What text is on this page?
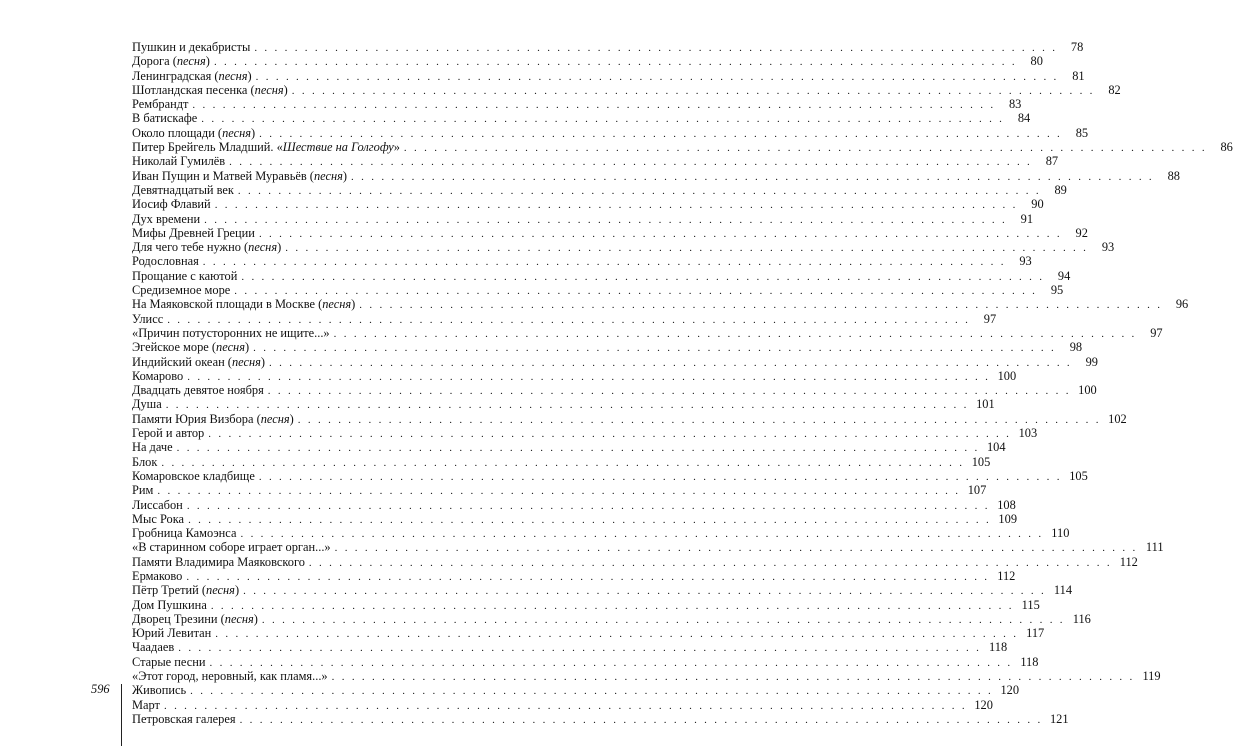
Пушкин и декабристы . . . . . . . . . . . . . . . . . . . . . . . . . . . . . . . . . . . . . . . . . . . . . . . . . . . . . . . . . . . . . . . . . . . . . . . . . . . . . . . .	78
Дорога (песня) . . . . . . . . . . . . . . . . . . . . . . . . . . . . . . . . . . . . . . . . . . . . . . . . . . . . . . . . . . . . . . . . . . . . . . . . . . . . . . . .	80
Ленинградская (песня) . . . . . . . . . . . . . . . . . . . . . . . . . . . . . . . . . . . . . . . . . . . . . . . . . . . . . . . . . . . . . . . . . . . . . . . . . . . . . . . .	81
Шотландская песенка (песня) . . . . . . . . . . . . . . . . . . . . . . . . . . . . . . . . . . . . . . . . . . . . . . . . . . . . . . . . . . . . . . . . . . . . . . . . . . . . . . . .	82
Рембрандт . . . . . . . . . . . . . . . . . . . . . . . . . . . . . . . . . . . . . . . . . . . . . . . . . . . . . . . . . . . . . . . . . . . . . . . . . . . . . . . .	83
В батискафе . . . . . . . . . . . . . . . . . . . . . . . . . . . . . . . . . . . . . . . . . . . . . . . . . . . . . . . . . . . . . . . . . . . . . . . . . . . . . . . .	84
Около площади (песня) . . . . . . . . . . . . . . . . . . . . . . . . . . . . . . . . . . . . . . . . . . . . . . . . . . . . . . . . . . . . . . . . . . . . . . . . . . . . . . . .	85
Питер Брейгель Младший. «Шествие на Голгофу» . . . . . . . . . . . . . . . . . . . . . . . . . . . . . . . . . . . . . . . . . . . . . . . . . . . . . . . . . . . . . . . . . . . . . . . . . . . . . . . .	86
Николай Гумилёв . . . . . . . . . . . . . . . . . . . . . . . . . . . . . . . . . . . . . . . . . . . . . . . . . . . . . . . . . . . . . . . . . . . . . . . . . . . . . . . .	87
Иван Пущин и Матвей Муравьёв (песня) . . . . . . . . . . . . . . . . . . . . . . . . . . . . . . . . . . . . . . . . . . . . . . . . . . . . . . . . . . . . . . . . . . . . . . . . . . . . . . . .	88
Девятнадцатый век . . . . . . . . . . . . . . . . . . . . . . . . . . . . . . . . . . . . . . . . . . . . . . . . . . . . . . . . . . . . . . . . . . . . . . . . . . . . . . . .	89
Иосиф Флавий . . . . . . . . . . . . . . . . . . . . . . . . . . . . . . . . . . . . . . . . . . . . . . . . . . . . . . . . . . . . . . . . . . . . . . . . . . . . . . . .	90
Дух времени . . . . . . . . . . . . . . . . . . . . . . . . . . . . . . . . . . . . . . . . . . . . . . . . . . . . . . . . . . . . . . . . . . . . . . . . . . . . . . . .	91
Мифы Древней Греции . . . . . . . . . . . . . . . . . . . . . . . . . . . . . . . . . . . . . . . . . . . . . . . . . . . . . . . . . . . . . . . . . . . . . . . . . . . . . . . .	92
Для чего тебе нужно (песня) . . . . . . . . . . . . . . . . . . . . . . . . . . . . . . . . . . . . . . . . . . . . . . . . . . . . . . . . . . . . . . . . . . . . . . . . . . . . . . . .	93
Родословная . . . . . . . . . . . . . . . . . . . . . . . . . . . . . . . . . . . . . . . . . . . . . . . . . . . . . . . . . . . . . . . . . . . . . . . . . . . . . . . .	93
Прощание с каютой . . . . . . . . . . . . . . . . . . . . . . . . . . . . . . . . . . . . . . . . . . . . . . . . . . . . . . . . . . . . . . . . . . . . . . . . . . . . . . . .	94
Средиземное море . . . . . . . . . . . . . . . . . . . . . . . . . . . . . . . . . . . . . . . . . . . . . . . . . . . . . . . . . . . . . . . . . . . . . . . . . . . . . . . .	95
На Маяковской площади в Москве (песня) . . . . . . . . . . . . . . . . . . . . . . . . . . . . . . . . . . . . . . . . . . . . . . . . . . . . . . . . . . . . . . . . . . . . . . . . . . . . . . . .	96
Улисс . . . . . . . . . . . . . . . . . . . . . . . . . . . . . . . . . . . . . . . . . . . . . . . . . . . . . . . . . . . . . . . . . . . . . . . . . . . . . . . .	97
«Причин потусторонних не ищите...» . . . . . . . . . . . . . . . . . . . . . . . . . . . . . . . . . . . . . . . . . . . . . . . . . . . . . . . . . . . . . . . . . . . . . . . . . . . . . . . .	97
Эгейское море (песня) . . . . . . . . . . . . . . . . . . . . . . . . . . . . . . . . . . . . . . . . . . . . . . . . . . . . . . . . . . . . . . . . . . . . . . . . . . . . . . . .	98
Индийский океан (песня) . . . . . . . . . . . . . . . . . . . . . . . . . . . . . . . . . . . . . . . . . . . . . . . . . . . . . . . . . . . . . . . . . . . . . . . . . . . . . . . .	99
Комарово . . . . . . . . . . . . . . . . . . . . . . . . . . . . . . . . . . . . . . . . . . . . . . . . . . . . . . . . . . . . . . . . . . . . . . . . . . . . . . . . 100
Двадцать девятое ноября . . . . . . . . . . . . . . . . . . . . . . . . . . . . . . . . . . . . . . . . . . . . . . . . . . . . . . . . . . . . . . . . . . . . . . . . . . . . . . . . 100
Душа . . . . . . . . . . . . . . . . . . . . . . . . . . . . . . . . . . . . . . . . . . . . . . . . . . . . . . . . . . . . . . . . . . . . . . . . . . . . . . . . 101
Памяти Юрия Визбора (песня) . . . . . . . . . . . . . . . . . . . . . . . . . . . . . . . . . . . . . . . . . . . . . . . . . . . . . . . . . . . . . . . . . . . . . . . . . . . . . . . . 102
Герой и автор . . . . . . . . . . . . . . . . . . . . . . . . . . . . . . . . . . . . . . . . . . . . . . . . . . . . . . . . . . . . . . . . . . . . . . . . . . . . . . . . 103
На даче . . . . . . . . . . . . . . . . . . . . . . . . . . . . . . . . . . . . . . . . . . . . . . . . . . . . . . . . . . . . . . . . . . . . . . . . . . . . . . . . 104
Блок . . . . . . . . . . . . . . . . . . . . . . . . . . . . . . . . . . . . . . . . . . . . . . . . . . . . . . . . . . . . . . . . . . . . . . . . . . . . . . . . 105
Комаровское кладбище . . . . . . . . . . . . . . . . . . . . . . . . . . . . . . . . . . . . . . . . . . . . . . . . . . . . . . . . . . . . . . . . . . . . . . . . . . . . . . . . 105
Рим . . . . . . . . . . . . . . . . . . . . . . . . . . . . . . . . . . . . . . . . . . . . . . . . . . . . . . . . . . . . . . . . . . . . . . . . . . . . . . . . 107
Лиссабон . . . . . . . . . . . . . . . . . . . . . . . . . . . . . . . . . . . . . . . . . . . . . . . . . . . . . . . . . . . . . . . . . . . . . . . . . . . . . . . . 108
Мыс Рока . . . . . . . . . . . . . . . . . . . . . . . . . . . . . . . . . . . . . . . . . . . . . . . . . . . . . . . . . . . . . . . . . . . . . . . . . . . . . . . . 109
Гробница Камоэнса . . . . . . . . . . . . . . . . . . . . . . . . . . . . . . . . . . . . . . . . . . . . . . . . . . . . . . . . . . . . . . . . . . . . . . . . . . . . . . . . 110
«В старинном соборе играет орган...» . . . . . . . . . . . . . . . . . . . . . . . . . . . . . . . . . . . . . . . . . . . . . . . . . . . . . . . . . . . . . . . . . . . . . . . . . . . . . . . . 111
Памяти Владимира Маяковского . . . . . . . . . . . . . . . . . . . . . . . . . . . . . . . . . . . . . . . . . . . . . . . . . . . . . . . . . . . . . . . . . . . . . . . . . . . . . . . . 112
Ермаково . . . . . . . . . . . . . . . . . . . . . . . . . . . . . . . . . . . . . . . . . . . . . . . . . . . . . . . . . . . . . . . . . . . . . . . . . . . . . . . . 112
Пётр Третий (песня) . . . . . . . . . . . . . . . . . . . . . . . . . . . . . . . . . . . . . . . . . . . . . . . . . . . . . . . . . . . . . . . . . . . . . . . . . . . . . . . . 114
Дом Пушкина . . . . . . . . . . . . . . . . . . . . . . . . . . . . . . . . . . . . . . . . . . . . . . . . . . . . . . . . . . . . . . . . . . . . . . . . . . . . . . . . 115
Дворец Трезини (песня) . . . . . . . . . . . . . . . . . . . . . . . . . . . . . . . . . . . . . . . . . . . . . . . . . . . . . . . . . . . . . . . . . . . . . . . . . . . . . . . . 116
Юрий Левитан . . . . . . . . . . . . . . . . . . . . . . . . . . . . . . . . . . . . . . . . . . . . . . . . . . . . . . . . . . . . . . . . . . . . . . . . . . . . . . . . 117
Чаадаев . . . . . . . . . . . . . . . . . . . . . . . . . . . . . . . . . . . . . . . . . . . . . . . . . . . . . . . . . . . . . . . . . . . . . . . . . . . . . . . . 118
Старые песни . . . . . . . . . . . . . . . . . . . . . . . . . . . . . . . . . . . . . . . . . . . . . . . . . . . . . . . . . . . . . . . . . . . . . . . . . . . . . . . . 118
«Этот город, неровный, как пламя...» . . . . . . . . . . . . . . . . . . . . . . . . . . . . . . . . . . . . . . . . . . . . . . . . . . . . . . . . . . . . . . . . . . . . . . . . . . . . . . . . 119
Живопись . . . . . . . . . . . . . . . . . . . . . . . . . . . . . . . . . . . . . . . . . . . . . . . . . . . . . . . . . . . . . . . . . . . . . . . . . . . . . . . . 120
Март . . . . . . . . . . . . . . . . . . . . . . . . . . . . . . . . . . . . . . . . . . . . . . . . . . . . . . . . . . . . . . . . . . . . . . . . . . . . . . . . 120
Петровская галерея . . . . . . . . . . . . . . . . . . . . . . . . . . . . . . . . . . . . . . . . . . . . . . . . . . . . . . . . . . . . . . . . . . . . . . . . . . . . . . . . 121
596
